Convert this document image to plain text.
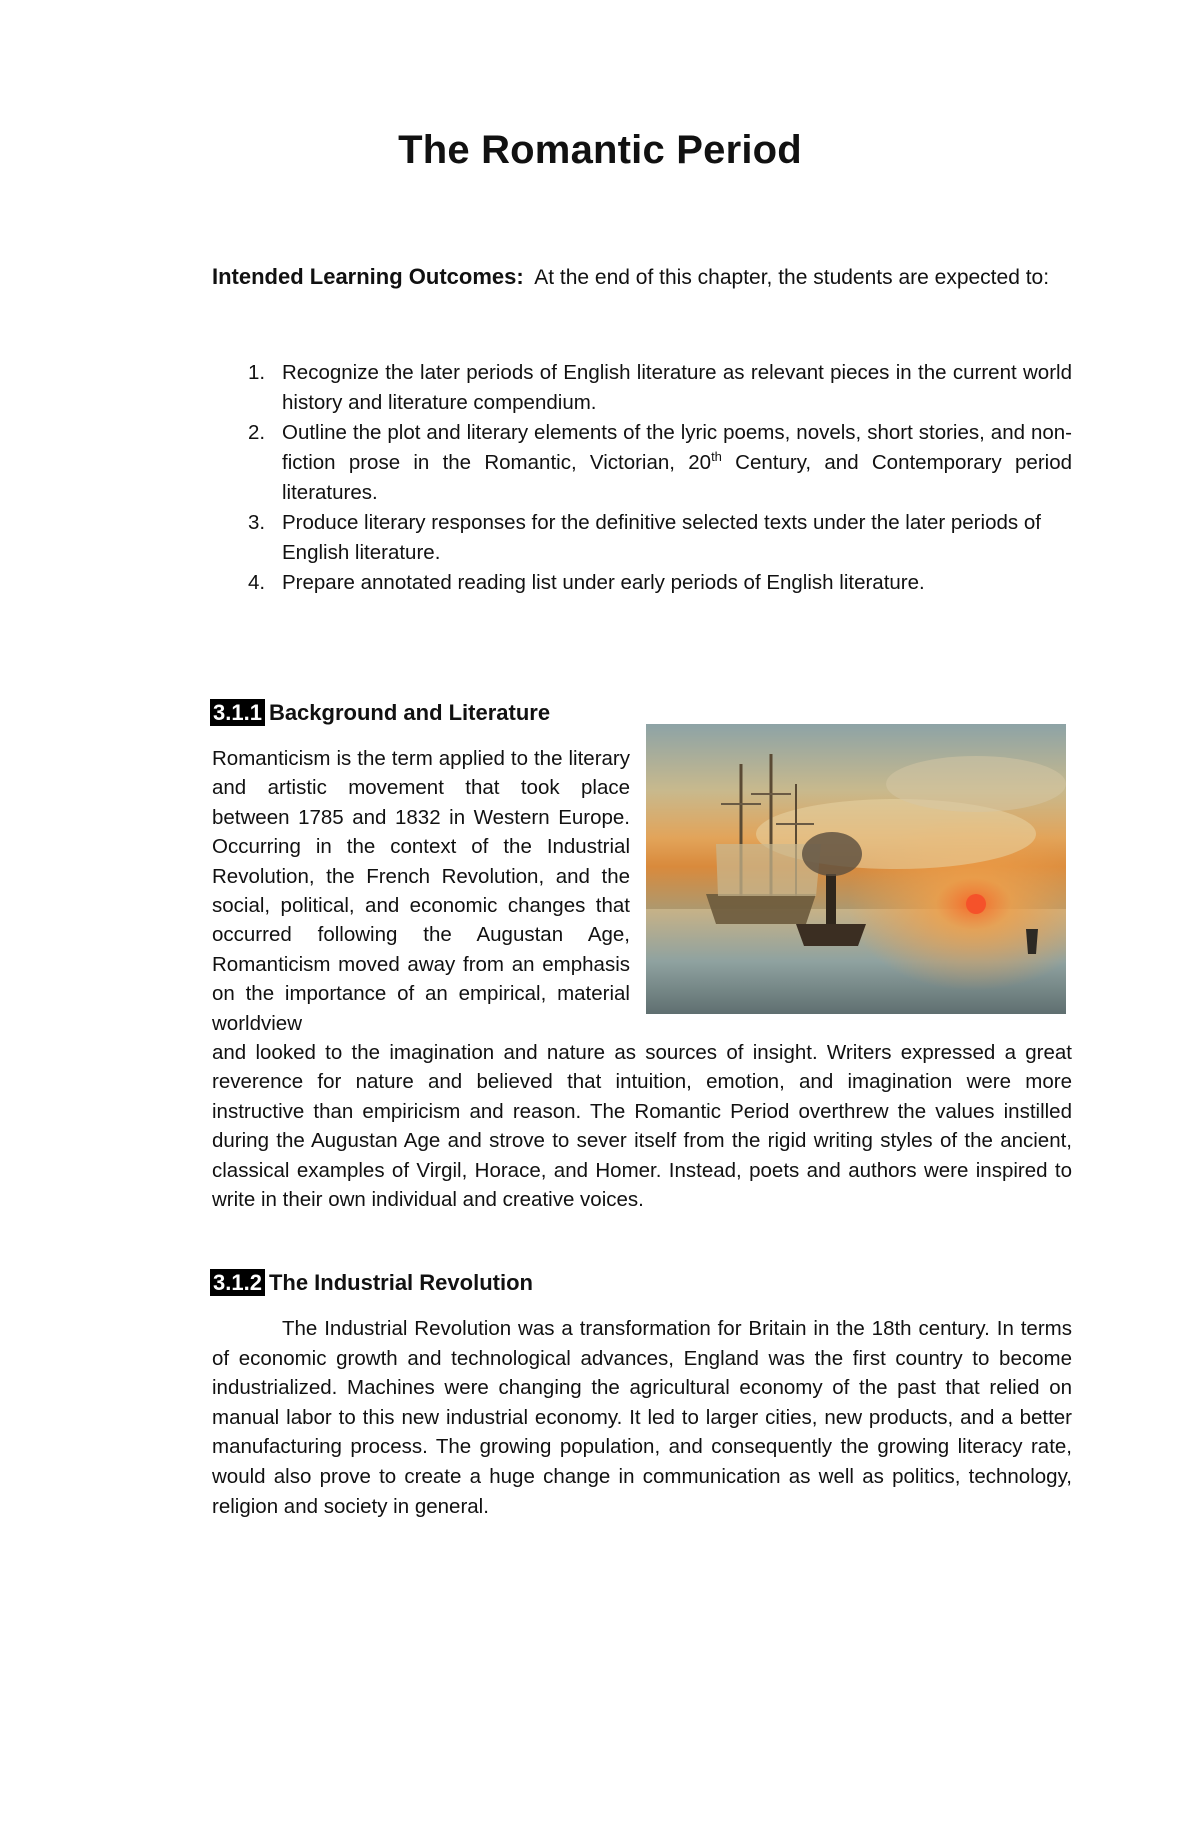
The Romantic Period

Intended Learning Outcomes: At the end of this chapter, the students are expected to:

1. Recognize the later periods of English literature as relevant pieces in the current world history and literature compendium.
2. Outline the plot and literary elements of the lyric poems, novels, short stories, and non-fiction prose in the Romantic, Victorian, 20th Century, and Contemporary period literatures.
3. Produce literary responses for the definitive selected texts under the later periods of English literature.
4. Prepare annotated reading list under early periods of English literature.
3.1.1 Background and Literature

Romanticism is the term applied to the literary and artistic movement that took place between 1785 and 1832 in Western Europe. Occurring in the context of the Industrial Revolution, the French Revolution, and the social, political, and economic changes that occurred following the Augustan Age, Romanticism moved away from an emphasis on the importance of an empirical, material worldview

and looked to the imagination and nature as sources of insight. Writers expressed a great reverence for nature and believed that intuition, emotion, and imagination were more instructive than empiricism and reason. The Romantic Period overthrew the values instilled during the Augustan Age and strove to sever itself from the rigid writing styles of the ancient, classical examples of Virgil, Horace, and Homer. Instead, poets and authors were inspired to write in their own individual and creative voices.

3.1.2 The Industrial Revolution

The Industrial Revolution was a transformation for Britain in the 18th century. In terms of economic growth and technological advances, England was the first country to become industrialized. Machines were changing the agricultural economy of the past that relied on manual labor to this new industrial economy. It led to larger cities, new products, and a better manufacturing process. The growing population, and consequently the growing literacy rate, would also prove to create a huge change in communication as well as politics, technology, religion and society in general.
